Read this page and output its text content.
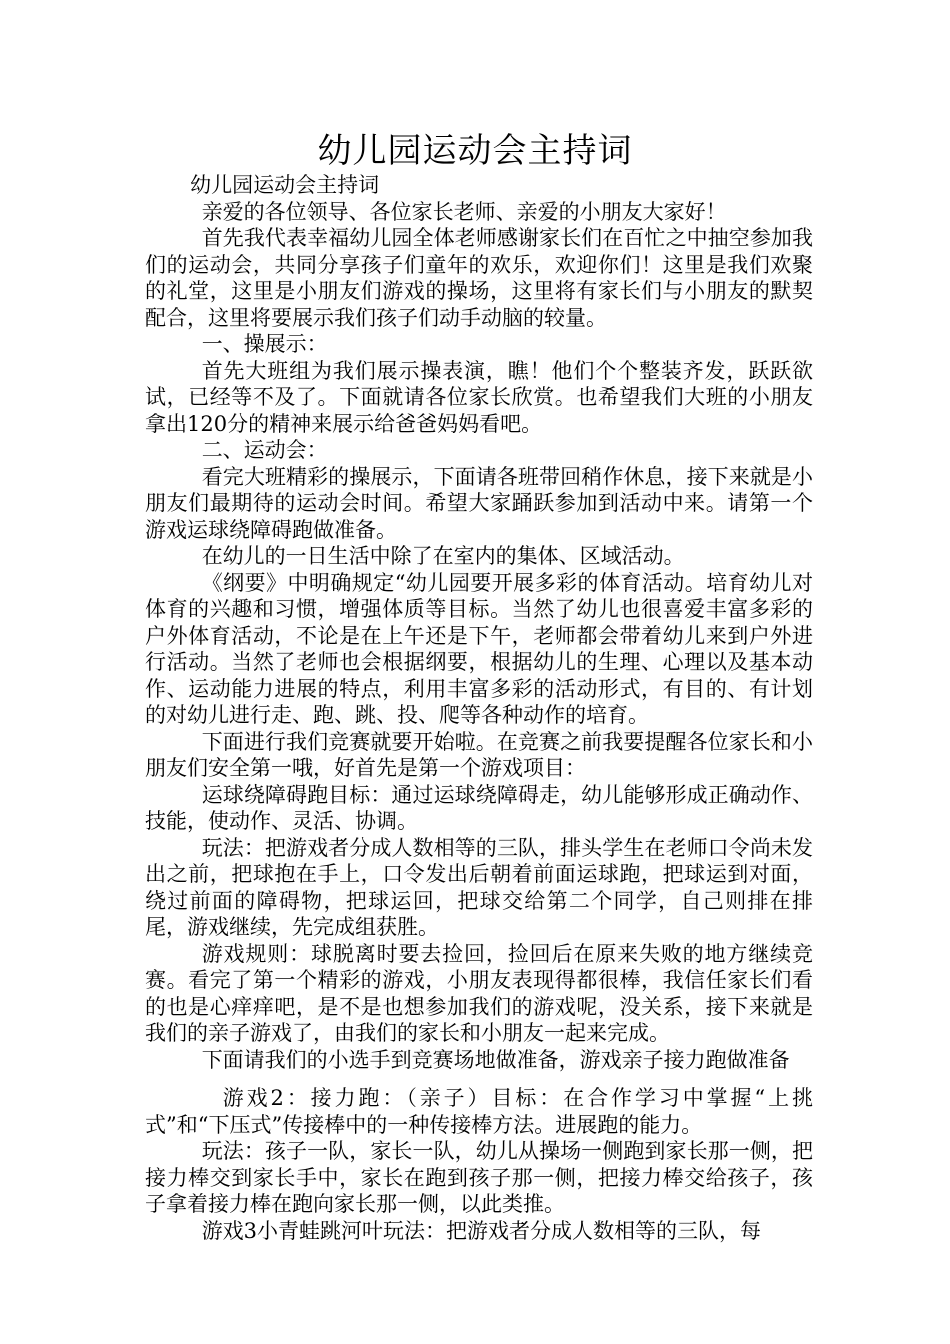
幼儿园运动会主持词

幼儿园运动会主持词

亲爱的各位领导、各位家长老师、亲爱的小朋友大家好！

首先我代表幸福幼儿园全体老师感谢家长们在百忙之中抽空参加我们的运动会，共同分享孩子们童年的欢乐，欢迎你们！这里是我们欢聚的礼堂，这里是小朋友们游戏的操场，这里将有家长们与小朋友的默契配合，这里将要展示我们孩子们动手动脑的较量。

一、操展示：

首先大班组为我们展示操表演，瞧！他们个个整装齐发，跃跃欲试，已经等不及了。下面就请各位家长欣赏。也希望我们大班的小朋友拿出120分的精神来展示给爸爸妈妈看吧。

二、运动会：

看完大班精彩的操展示，下面请各班带回稍作休息，接下来就是小朋友们最期待的运动会时间。希望大家踊跃参加到活动中来。请第一个游戏运球绕障碍跑做准备。

在幼儿的一日生活中除了在室内的集体、区域活动。

《纲要》中明确规定“幼儿园要开展多彩的体育活动。培育幼儿对体育的兴趣和习惯，增强体质等目标。当然了幼儿也很喜爱丰富多彩的户外体育活动，不论是在上午还是下午，老师都会带着幼儿来到户外进行活动。当然了老师也会根据纲要，根据幼儿的生理、心理以及基本动作、运动能力进展的特点，利用丰富多彩的活动形式，有目的、有计划的对幼儿进行走、跑、跳、投、爬等各种动作的培育。

下面进行我们竞赛就要开始啦。在竞赛之前我要提醒各位家长和小朋友们安全第一哦，好首先是第一个游戏项目：

运球绕障碍跑目标：通过运球绕障碍走，幼儿能够形成正确动作、技能，使动作、灵活、协调。

玩法：把游戏者分成人数相等的三队，排头学生在老师口令尚未发出之前，把球抱在手上，口令发出后朝着前面运球跑，把球运到对面，绕过前面的障碍物，把球运回，把球交给第二个同学，自己则排在排尾，游戏继续，先完成组获胜。

游戏规则：球脱离时要去捡回，捡回后在原来失败的地方继续竞赛。看完了第一个精彩的游戏，小朋友表现得都很棒，我信任家长们看的也是心痒痒吧，是不是也想参加我们的游戏呢，没关系，接下来就是我们的亲子游戏了，由我们的家长和小朋友一起来完成。

下面请我们的小选手到竞赛场地做准备，游戏亲子接力跑做准备

游戏2：接力跑：（亲子）目标：在合作学习中掌握“上挑式”和“下压式”传接棒中的一种传接棒方法。进展跑的能力。

玩法：孩子一队，家长一队，幼儿从操场一侧跑到家长那一侧，把接力棒交到家长手中，家长在跑到孩子那一侧，把接力棒交给孩子，孩子拿着接力棒在跑向家长那一侧，以此类推。

游戏3小青蛙跳河叶玩法：把游戏者分成人数相等的三队，每
